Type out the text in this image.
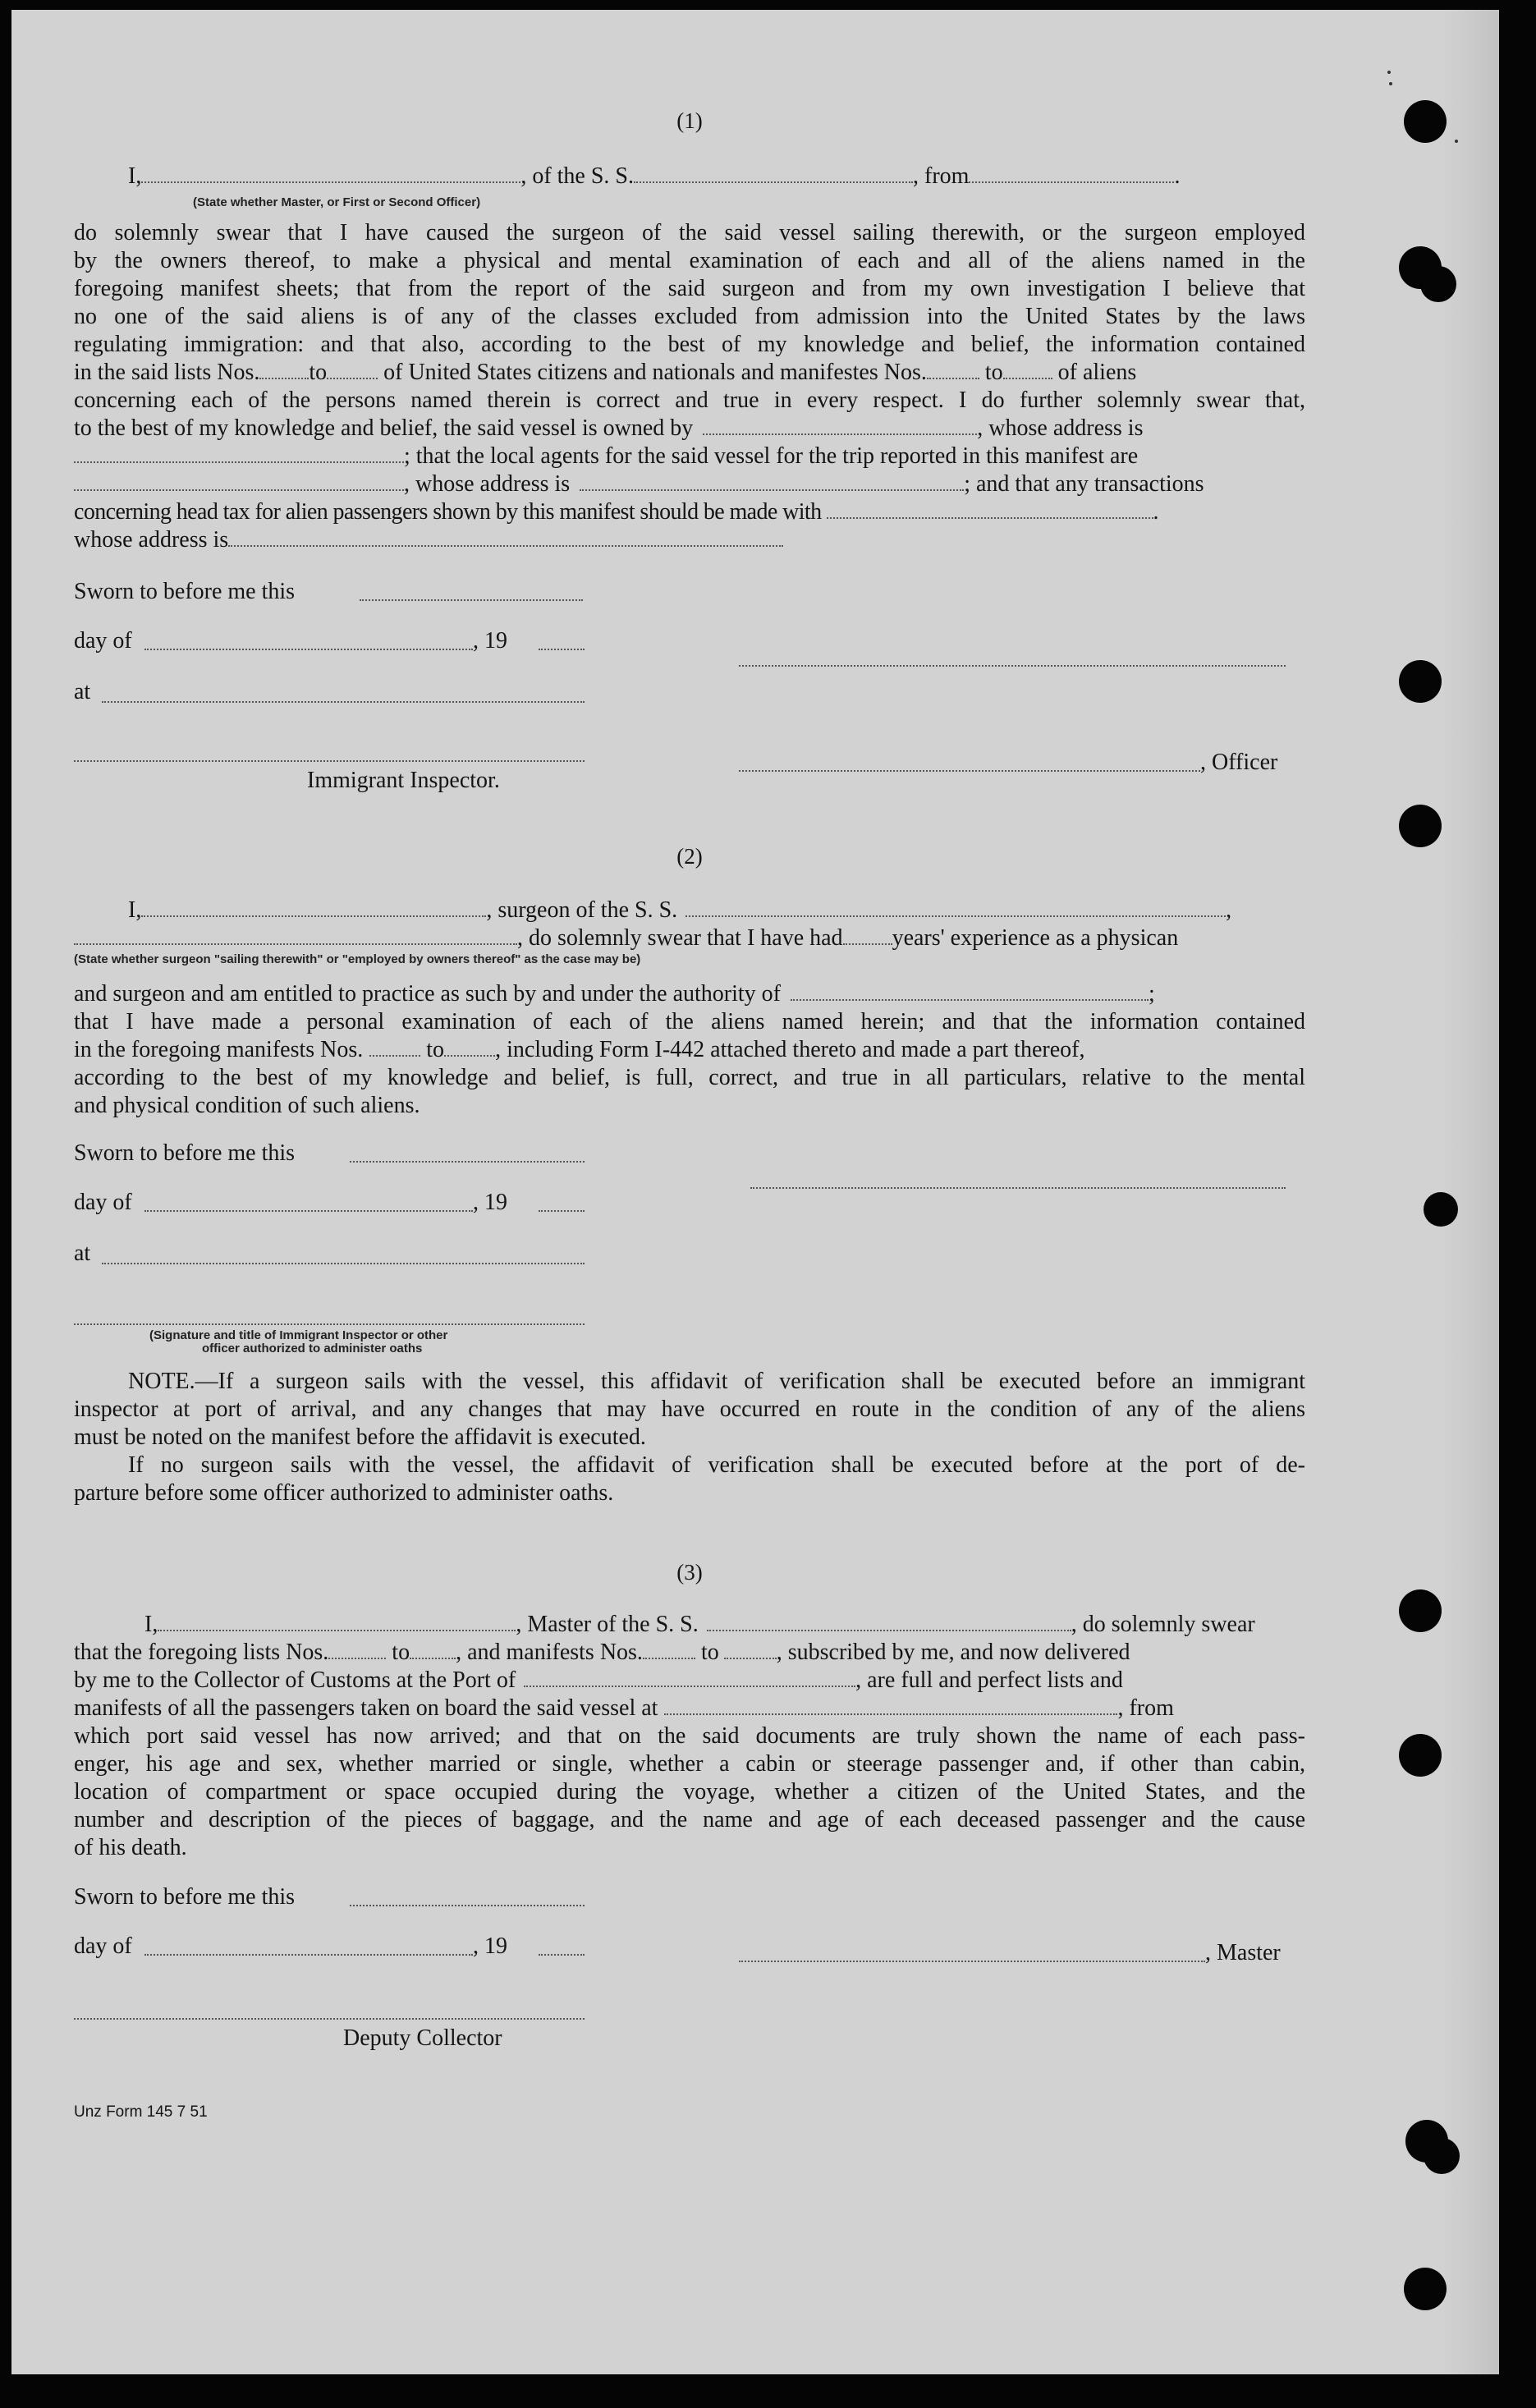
(1)
I,	, of the S. S.	, from	.
(State whether Master, or First or Second Officer)
do solemnly swear that I have caused the surgeon of the said vessel sailing therewith, or the surgeon employed
by the owners thereof, to make a physical and mental examination of each and all of the aliens named in the
foregoing manifest sheets; that from the report of the said surgeon and from my own investigation I believe that
no one of the said aliens is of any of the classes excluded from admission into the United States by the laws
regulating immigration: and that also, according to the best of my knowledge and belief, the information contained
in the said lists Nos. to of United States citizens and nationals and manifestes Nos.	to of aliens
concerning each of the persons named therein is correct and true in every respect. I do further solemnly swear that,
to the best of my knowledge and belief, the said vessel is owned by	, whose address is
; that the local agents for the said vessel for the trip reported in this manifest are
, whose address is	; and that any transactions
concerning head tax for alien passengers shown by this manifest should be made with	.
whose address is
Sworn to before me this
day of	, 19
at
, Officer
Immigrant Inspector.
(2)
I,	, surgeon of the S. S.	,
, do solemnly swear that I have had years' experience as a physican
(State whether surgeon "sailing therewith" or "employed by owners thereof" as the case may be)
and surgeon and am entitled to practice as such by and under the authority of	;
that I have made a personal examination of each of the aliens named herein; and that the information contained
in the foregoing manifests Nos.	to , including Form I-442 attached thereto and made a part thereof,
according to the best of my knowledge and belief, is full, correct, and true in all particulars, relative to the mental
and physical condition of such aliens.
Sworn to before me this
day of	, 19
at
(Signature and title of Immigrant Inspector or other
officer authorized to administer oaths
NOTE.—If a surgeon sails with the vessel, this affidavit of verification shall be executed before an immigrant
inspector at port of arrival, and any changes that may have occurred en route in the condition of any of the aliens
must be noted on the manifest before the affidavit is executed.
If no surgeon sails with the vessel, the affidavit of verification shall be executed before at the port of de-
parture before some officer authorized to administer oaths.
(3)
I,	, Master of the S. S.	, do solemnly swear
that the foregoing lists Nos.	to , and manifests Nos.	to	, subscribed by me, and now delivered
by me to the Collector of Customs at the Port of	, are full and perfect lists and
manifests of all the passengers taken on board the said vessel at	, from
which port said vessel has now arrived; and that on the said documents are truly shown the name of each pass-
enger, his age and sex, whether married or single, whether a cabin or steerage passenger and, if other than cabin,
location of compartment or space occupied during the voyage, whether a citizen of the United States, and the
number and description of the pieces of baggage, and the name and age of each deceased passenger and the cause
of his death.
Sworn to before me this
day of	, 19	, Master
Deputy Collector
Unz Form 145 7 51
